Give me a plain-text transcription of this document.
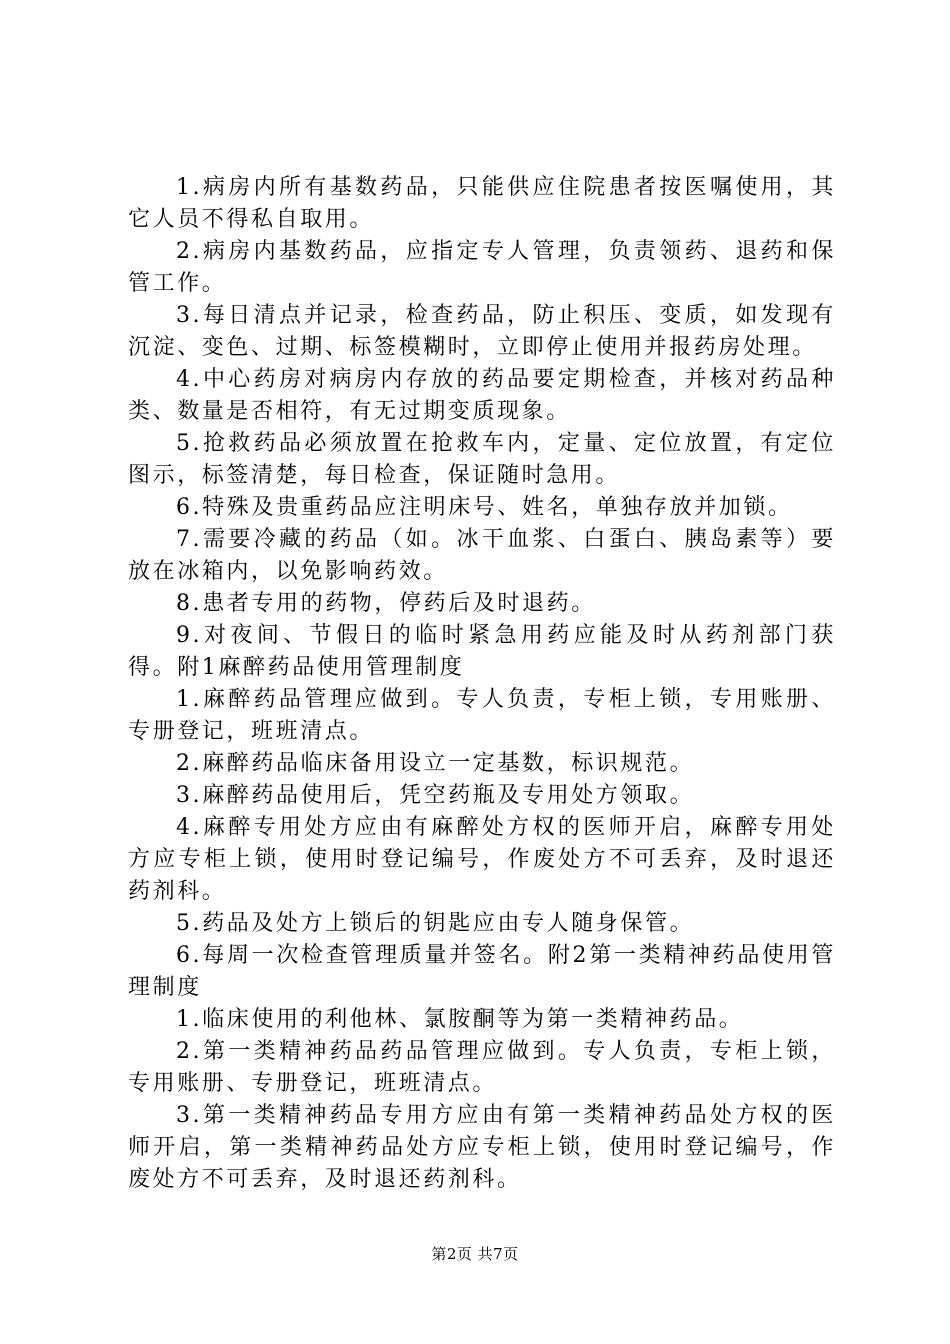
1.病房内所有基数药品，只能供应住院患者按医嘱使用，其它人员不得私自取用。

2.病房内基数药品，应指定专人管理，负责领药、退药和保管工作。

3.每日清点并记录，检查药品，防止积压、变质，如发现有沉淀、变色、过期、标签模糊时，立即停止使用并报药房处理。

4.中心药房对病房内存放的药品要定期检查，并核对药品种类、数量是否相符，有无过期变质现象。

5.抢救药品必须放置在抢救车内，定量、定位放置，有定位图示，标签清楚，每日检查，保证随时急用。

6.特殊及贵重药品应注明床号、姓名，单独存放并加锁。

7.需要冷藏的药品（如。冰干血浆、白蛋白、胰岛素等）要放在冰箱内，以免影响药效。

8.患者专用的药物，停药后及时退药。

9.对夜间、节假日的临时紧急用药应能及时从药剂部门获得。附1麻醉药品使用管理制度

1.麻醉药品管理应做到。专人负责，专柜上锁，专用账册、专册登记，班班清点。

2.麻醉药品临床备用设立一定基数，标识规范。

3.麻醉药品使用后，凭空药瓶及专用处方领取。

4.麻醉专用处方应由有麻醉处方权的医师开启，麻醉专用处方应专柜上锁，使用时登记编号，作废处方不可丢弃，及时退还药剂科。

5.药品及处方上锁后的钥匙应由专人随身保管。

6.每周一次检查管理质量并签名。附2第一类精神药品使用管理制度

1.临床使用的利他林、氯胺酮等为第一类精神药品。

2.第一类精神药品药品管理应做到。专人负责，专柜上锁，专用账册、专册登记，班班清点。

3.第一类精神药品专用方应由有第一类精神药品处方权的医师开启，第一类精神药品处方应专柜上锁，使用时登记编号，作废处方不可丢弃，及时退还药剂科。

第2页 共7页
